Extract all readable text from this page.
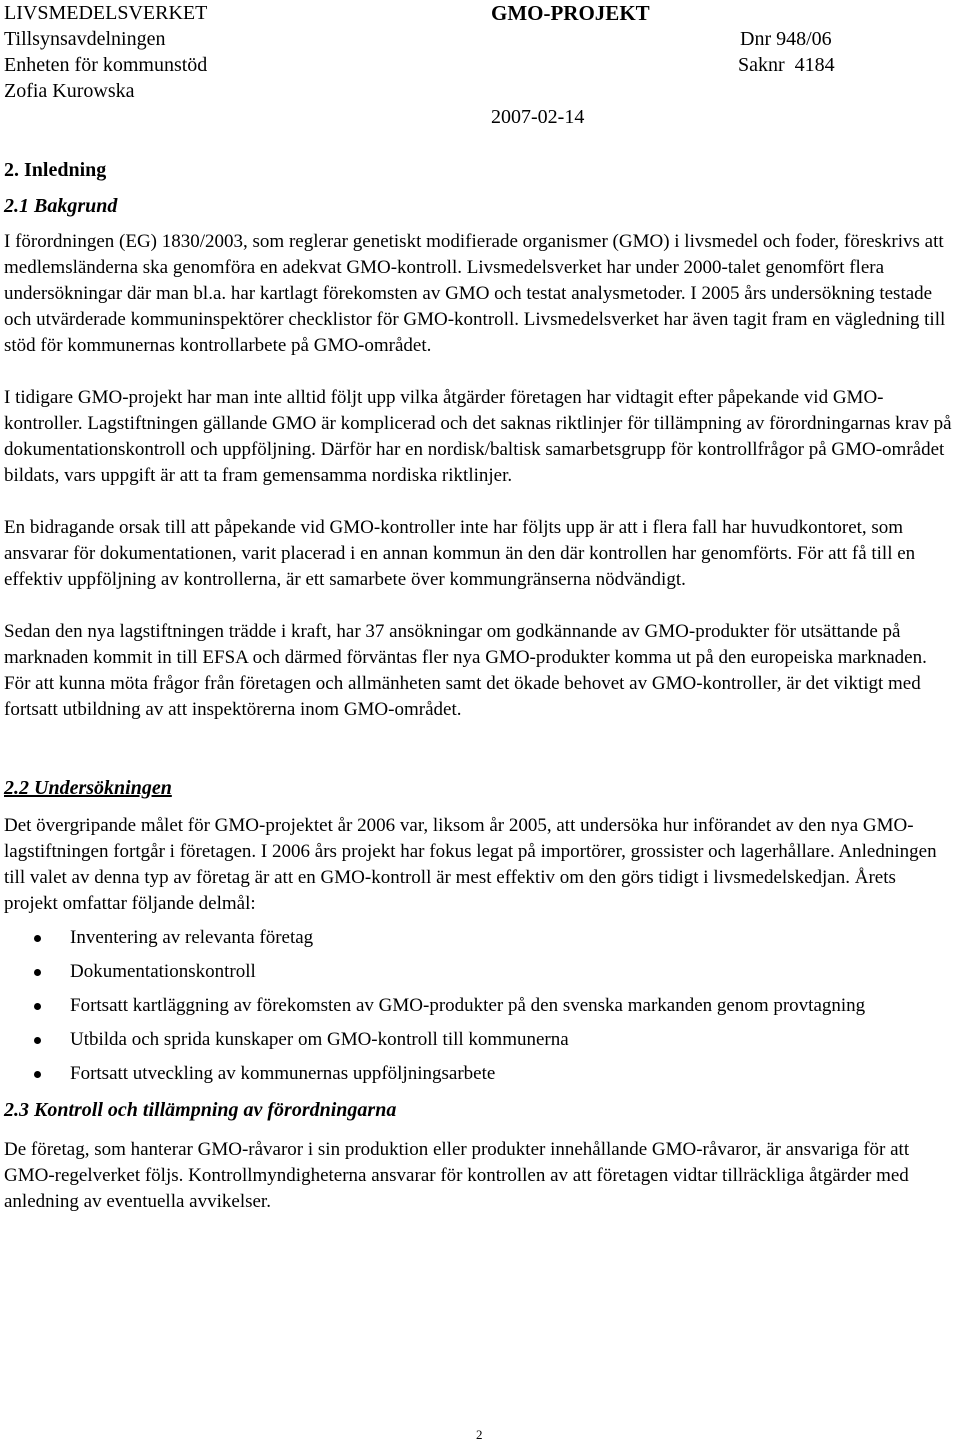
LIVSMEDELSVERKET
Tillsynsavdelningen
Enheten för kommunstöd
Zofia Kurowska
GMO-PROJEKT
Dnr 948/06
Saknr  4184
2007-02-14
2. Inledning
2.1 Bakgrund

I förordningen (EG) 1830/2003, som reglerar genetiskt modifierade organismer (GMO) i livsmedel och foder, föreskrivs att medlemsländerna ska genomföra en adekvat GMO-kontroll. Livsmedelsverket har under 2000-talet genomfört flera undersökningar där man bl.a. har kartlagt förekomsten av GMO och testat analysmetoder. I 2005 års undersökning testade och utvärderade kommuninspektörer checklistor för GMO-kontroll. Livsmedelsverket har även tagit fram en vägledning till stöd för kommunernas kontrollarbete på GMO-området.

I tidigare GMO-projekt har man inte alltid följt upp vilka åtgärder företagen har vidtagit efter påpekande vid GMO-kontroller. Lagstiftningen gällande GMO är komplicerad och det saknas riktlinjer för tillämpning av förordningarnas krav på dokumentationskontroll och uppföljning. Därför har en nordisk/baltisk samarbetsgrupp för kontrollfrågor på GMO-området bildats, vars uppgift är att ta fram gemensamma nordiska riktlinjer.

En bidragande orsak till att påpekande vid GMO-kontroller inte har följts upp är att i flera fall har huvudkontoret, som ansvarar för dokumentationen, varit placerad i en annan kommun än den där kontrollen har genomförts. För att få till en effektiv uppföljning av kontrollerna, är ett samarbete över kommungränserna nödvändigt.

Sedan den nya lagstiftningen trädde i kraft, har 37 ansökningar om godkännande av GMO-produkter för utsättande på marknaden kommit in till EFSA och därmed förväntas fler nya GMO-produkter komma ut på den europeiska marknaden. För att kunna möta frågor från företagen och allmänheten samt det ökade behovet av GMO-kontroller, är det viktigt med fortsatt utbildning av att inspektörerna inom GMO-området.

2.2 Undersökningen

Det övergripande målet för GMO-projektet år 2006 var, liksom år 2005, att undersöka hur införandet av den nya GMO-lagstiftningen fortgår i företagen. I 2006 års projekt har fokus legat på importörer, grossister och lagerhållare. Anledningen till valet av denna typ av företag är att en GMO-kontroll är mest effektiv om den görs tidigt i livsmedelskedjan. Årets projekt omfattar följande delmål:

Inventering av relevanta företag
Dokumentationskontroll
Fortsatt kartläggning av förekomsten av GMO-produkter på den svenska markanden genom provtagning
Utbilda och sprida kunskaper om GMO-kontroll till kommunerna
Fortsatt utveckling av kommunernas uppföljningsarbete
2.3 Kontroll och tillämpning av förordningarna

De företag, som hanterar GMO-råvaror i sin produktion eller produkter innehållande GMO-råvaror, är ansvariga för att GMO-regelverket följs. Kontrollmyndigheterna ansvarar för kontrollen av att företagen vidtar tillräckliga åtgärder med anledning av eventuella avvikelser.

2
